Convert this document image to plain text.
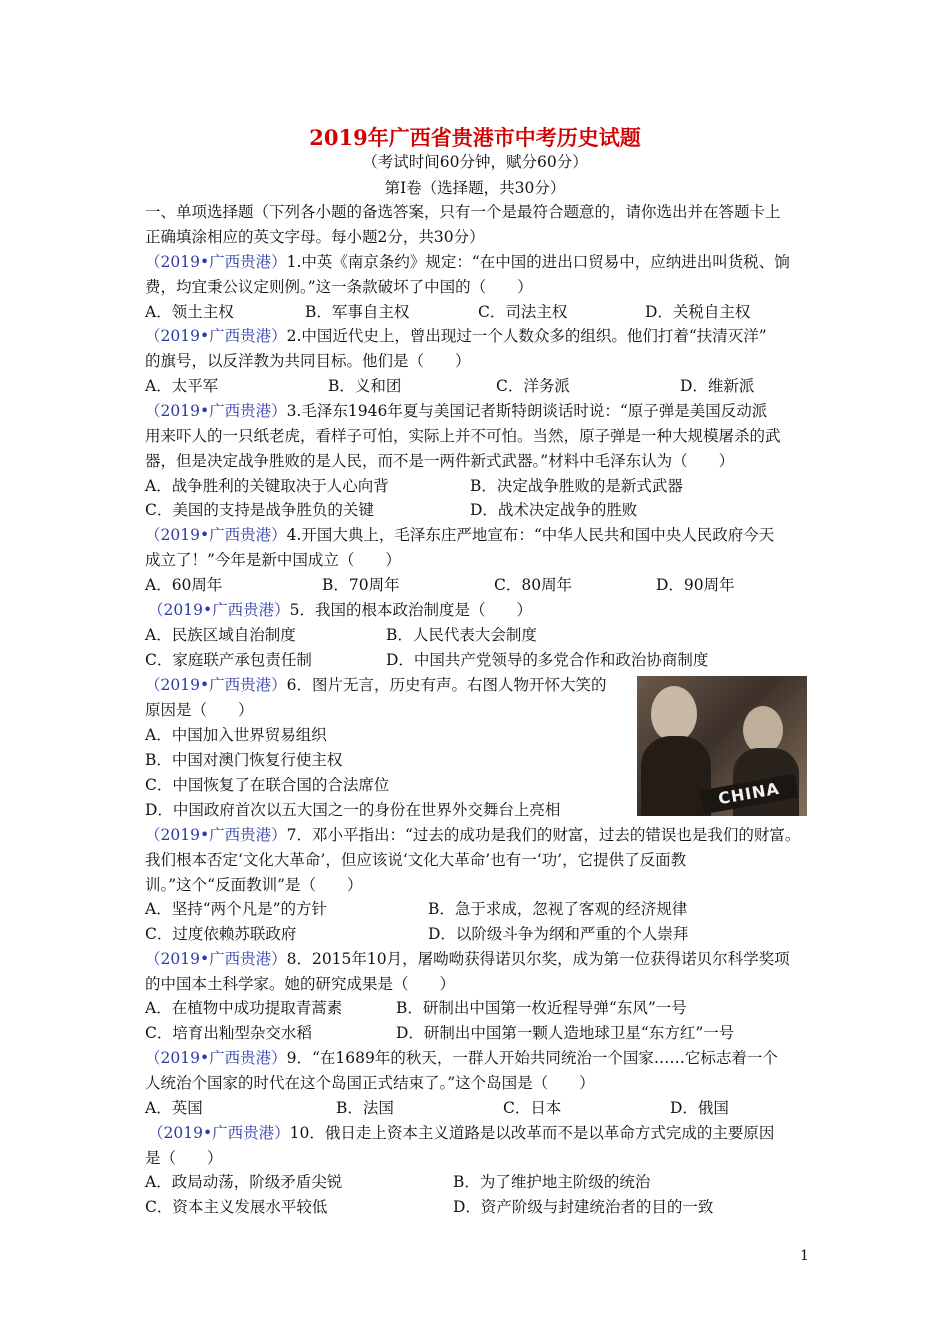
2019年广西省贵港市中考历史试题
（考试时间60分钟，赋分60分）
第Ⅰ卷（选择题，共30分）
一、单项选择题（下列各小题的备选答案，只有一个是最符合题意的，请你选出并在答题卡上
正确填涂相应的英文字母。每小题2分，共30分）
（2019•广西贵港）1.中英《南京条约》规定：“在中国的进出口贸易中，应纳进出叫货税、饷
费，均宜秉公议定则例。”这一条款破坏了中国的（　　）
A．领土主权	B．军事自主权	C．司法主权	D．关税自主权
（2019•广西贵港）2.中国近代史上，曾出现过一个人数众多的组织。他们打着“扶清灭洋”
的旗号，以反洋教为共同目标。他们是（　　）
A．太平军	B．义和团	C．洋务派	D．维新派
（2019•广西贵港）3.毛泽东1946年夏与美国记者斯特朗谈话时说：“原子弹是美国反动派
用来吓人的一只纸老虎，看样子可怕，实际上并不可怕。当然，原子弹是一种大规模屠杀的武
器，但是决定战争胜败的是人民，而不是一两件新式武器。”材料中毛泽东认为（　　）
A．战争胜利的关键取决于人心向背	B．决定战争胜败的是新式武器
C．美国的支持是战争胜负的关键	D．战术决定战争的胜败
（2019•广西贵港）4.开国大典上，毛泽东庄严地宣布：“中华人民共和国中央人民政府今天
成立了！”今年是新中国成立（　　）
A．60周年	B．70周年	C．80周年	D．90周年
（2019•广西贵港）5．我国的根本政治制度是（　　）
A．民族区域自治制度	B．人民代表大会制度
C．家庭联产承包责任制	D．中国共产党领导的多党合作和政治协商制度
（2019•广西贵港）6．图片无言，历史有声。右图人物开怀大笑的
原因是（　　）
A．中国加入世界贸易组织
B．中国对澳门恢复行使主权
C．中国恢复了在联合国的合法席位
D．中国政府首次以五大国之一的身份在世界外交舞台上亮相
CHINA
（2019•广西贵港）7．邓小平指出：“过去的成功是我们的财富，过去的错误也是我们的财富。
我们根本否定‘文化大革命’，但应该说‘文化大革命’也有一‘功’，它提供了反面教
训。”这个“反面教训”是（　　）
A．坚持“两个凡是”的方针	B．急于求成，忽视了客观的经济规律
C．过度依赖苏联政府	D．以阶级斗争为纲和严重的个人崇拜
（2019•广西贵港）8．2015年10月，屠呦呦获得诺贝尔奖，成为第一位获得诺贝尔科学奖项
的中国本土科学家。她的研究成果是（　　）
A．在植物中成功提取青蒿素	B．研制出中国第一枚近程导弹“东风”一号
C．培育出籼型杂交水稻	D．研制出中国第一颗人造地球卫星“东方红”一号
（2019•广西贵港）9．“在1689年的秋天，一群人开始共同统治一个国家……它标志着一个
人统治个国家的时代在这个岛国正式结束了。”这个岛国是（　　）
A．英国	B．法国	C．日本	D．俄国
（2019•广西贵港）10．俄日走上资本主义道路是以改革而不是以革命方式完成的主要原因
是（　　）
A．政局动荡，阶级矛盾尖锐	B．为了维护地主阶级的统治
C．资本主义发展水平较低	D．资产阶级与封建统治者的目的一致
1
